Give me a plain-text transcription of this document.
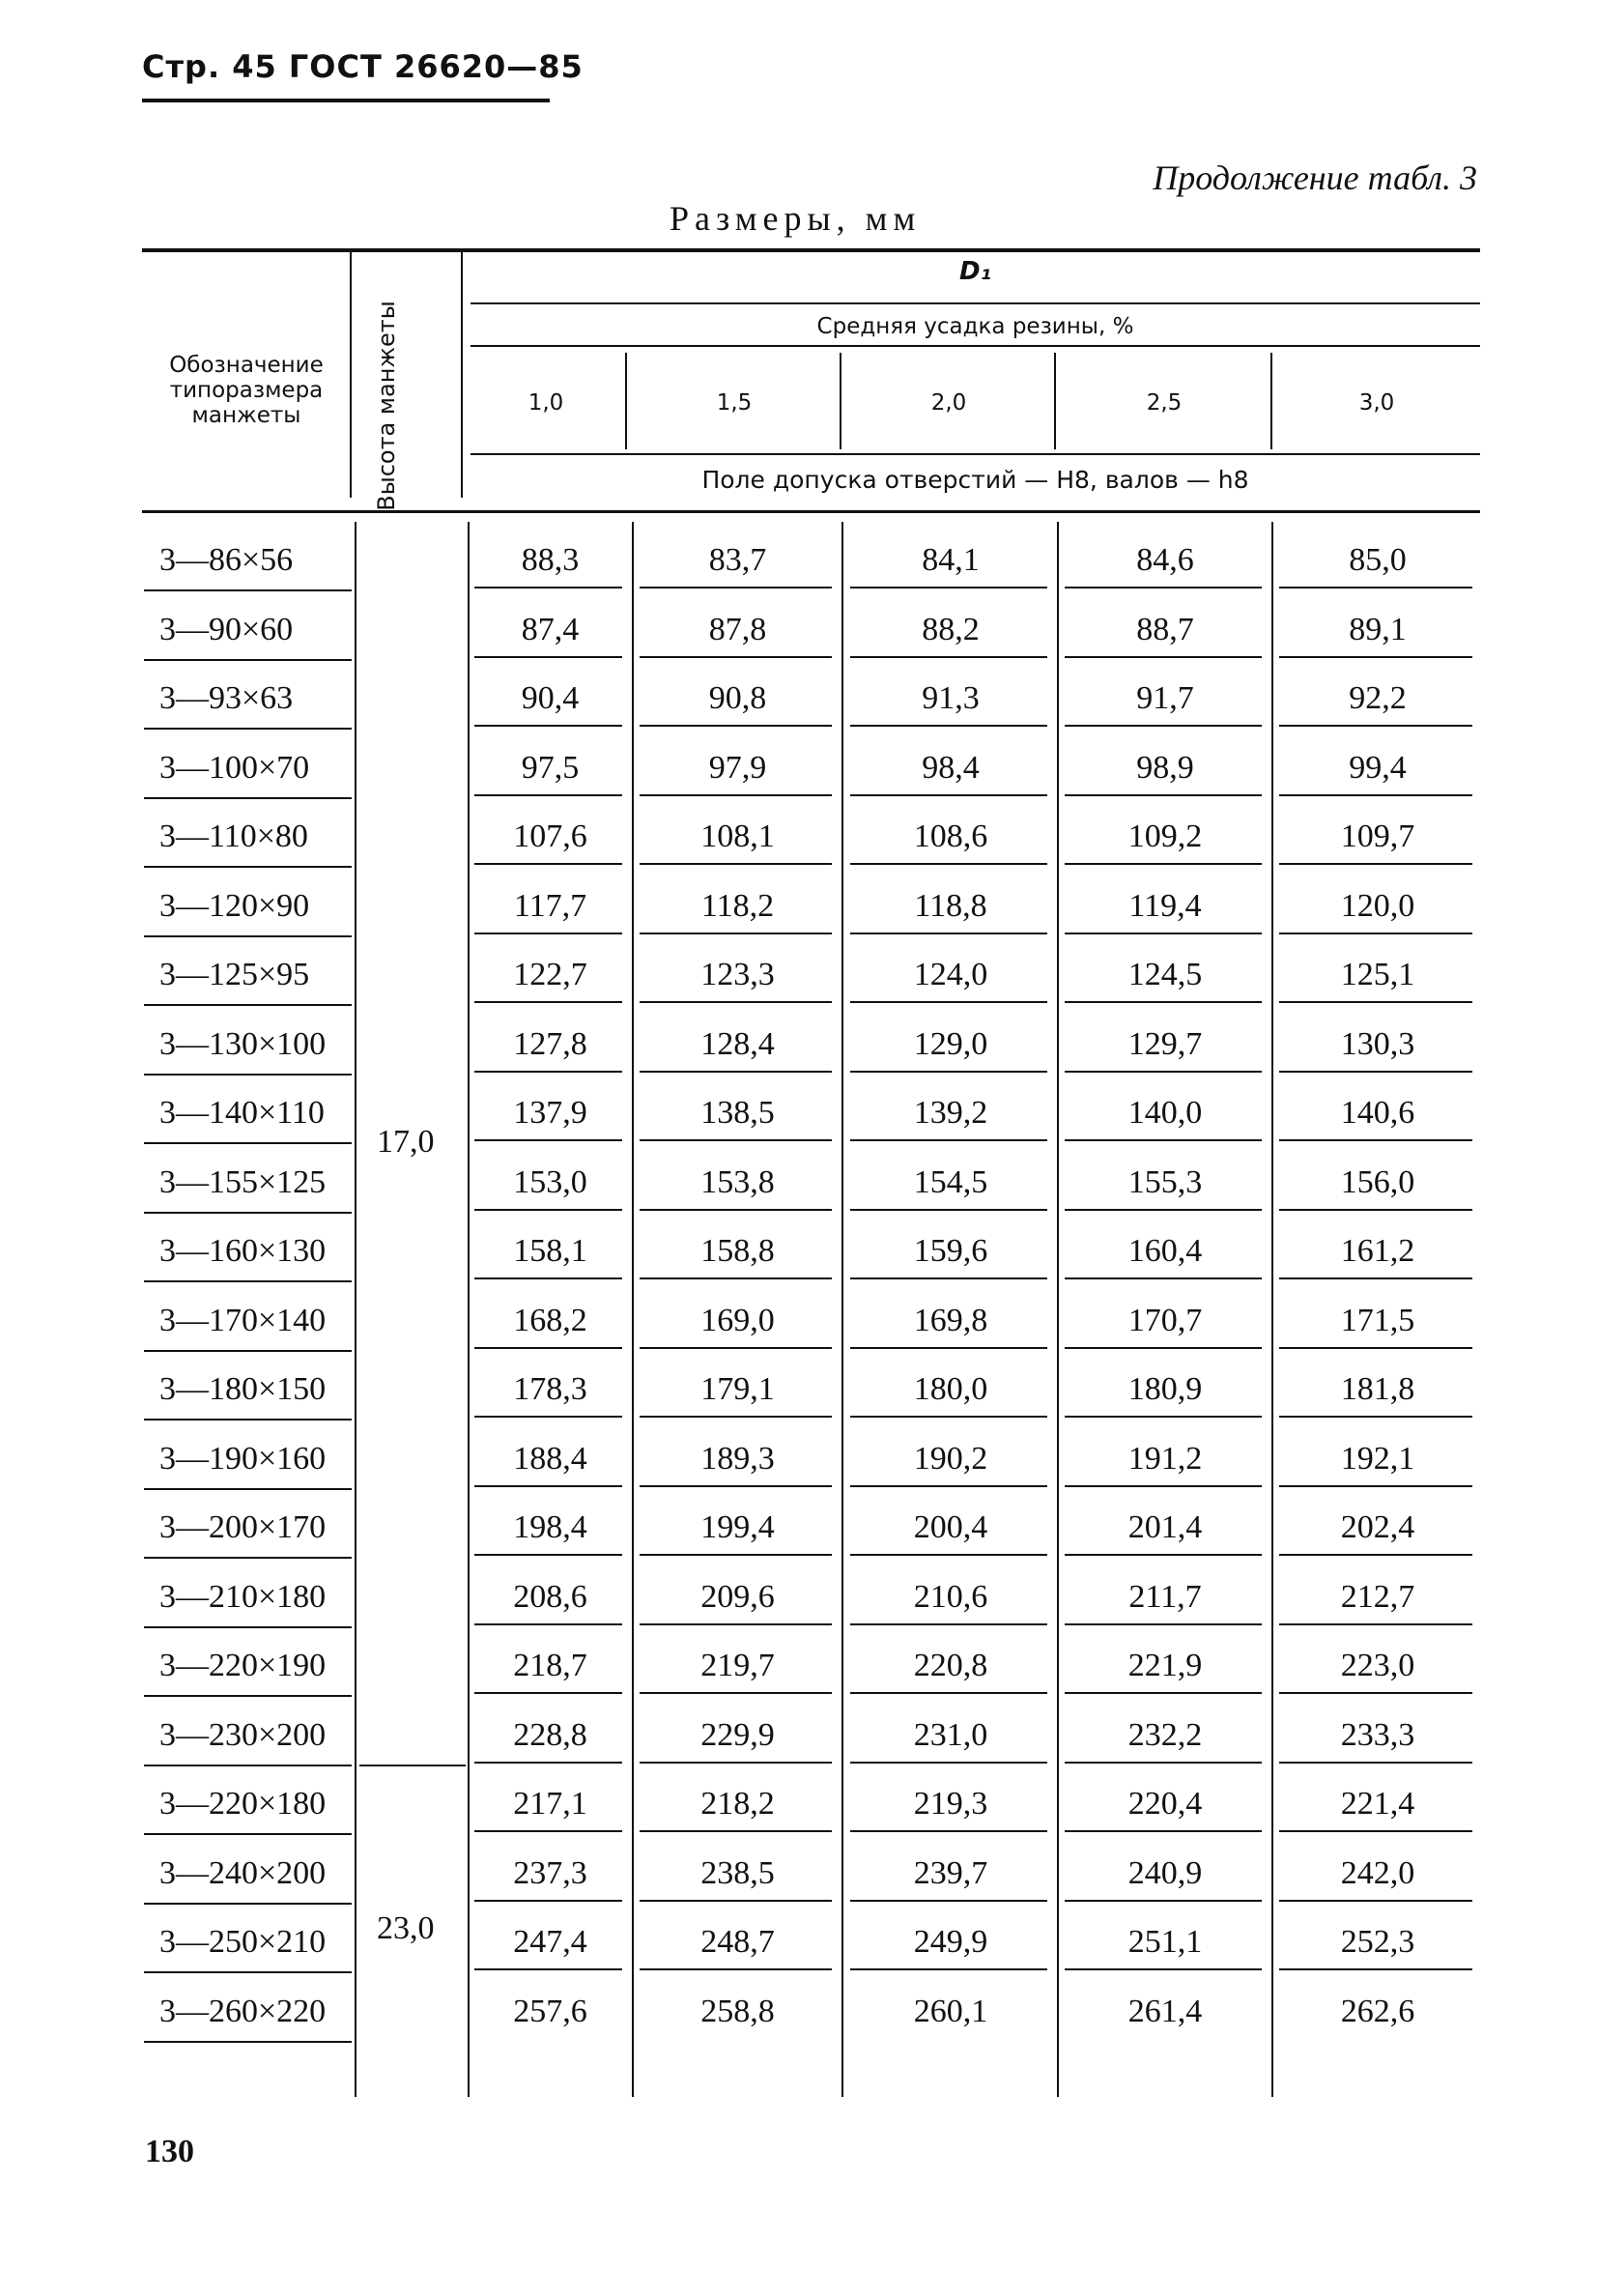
Стр. 45 ГОСТ 26620—85
Продолжение табл. 3
Размеры, мм
Обозначение типоразмера манжеты	Высота манжеты
D₁
Средняя усадка резины, %
1,0	1,5	2,0	2,5	3,0
Поле допуска отверстий — H8, валов — h8
17,0
23,0
3—86×56	88,3	83,7	84,1	84,6	85,0
3—90×60	87,4	87,8	88,2	88,7	89,1
3—93×63	90,4	90,8	91,3	91,7	92,2
3—100×70	97,5	97,9	98,4	98,9	99,4
3—110×80	107,6	108,1	108,6	109,2	109,7
3—120×90	117,7	118,2	118,8	119,4	120,0
3—125×95	122,7	123,3	124,0	124,5	125,1
3—130×100	127,8	128,4	129,0	129,7	130,3
3—140×110	137,9	138,5	139,2	140,0	140,6
3—155×125	153,0	153,8	154,5	155,3	156,0
3—160×130	158,1	158,8	159,6	160,4	161,2
3—170×140	168,2	169,0	169,8	170,7	171,5
3—180×150	178,3	179,1	180,0	180,9	181,8
3—190×160	188,4	189,3	190,2	191,2	192,1
3—200×170	198,4	199,4	200,4	201,4	202,4
3—210×180	208,6	209,6	210,6	211,7	212,7
3—220×190	218,7	219,7	220,8	221,9	223,0
3—230×200	228,8	229,9	231,0	232,2	233,3
3—220×180	217,1	218,2	219,3	220,4	221,4
3—240×200	237,3	238,5	239,7	240,9	242,0
3—250×210	247,4	248,7	249,9	251,1	252,3
3—260×220	257,6	258,8	260,1	261,4	262,6
130
